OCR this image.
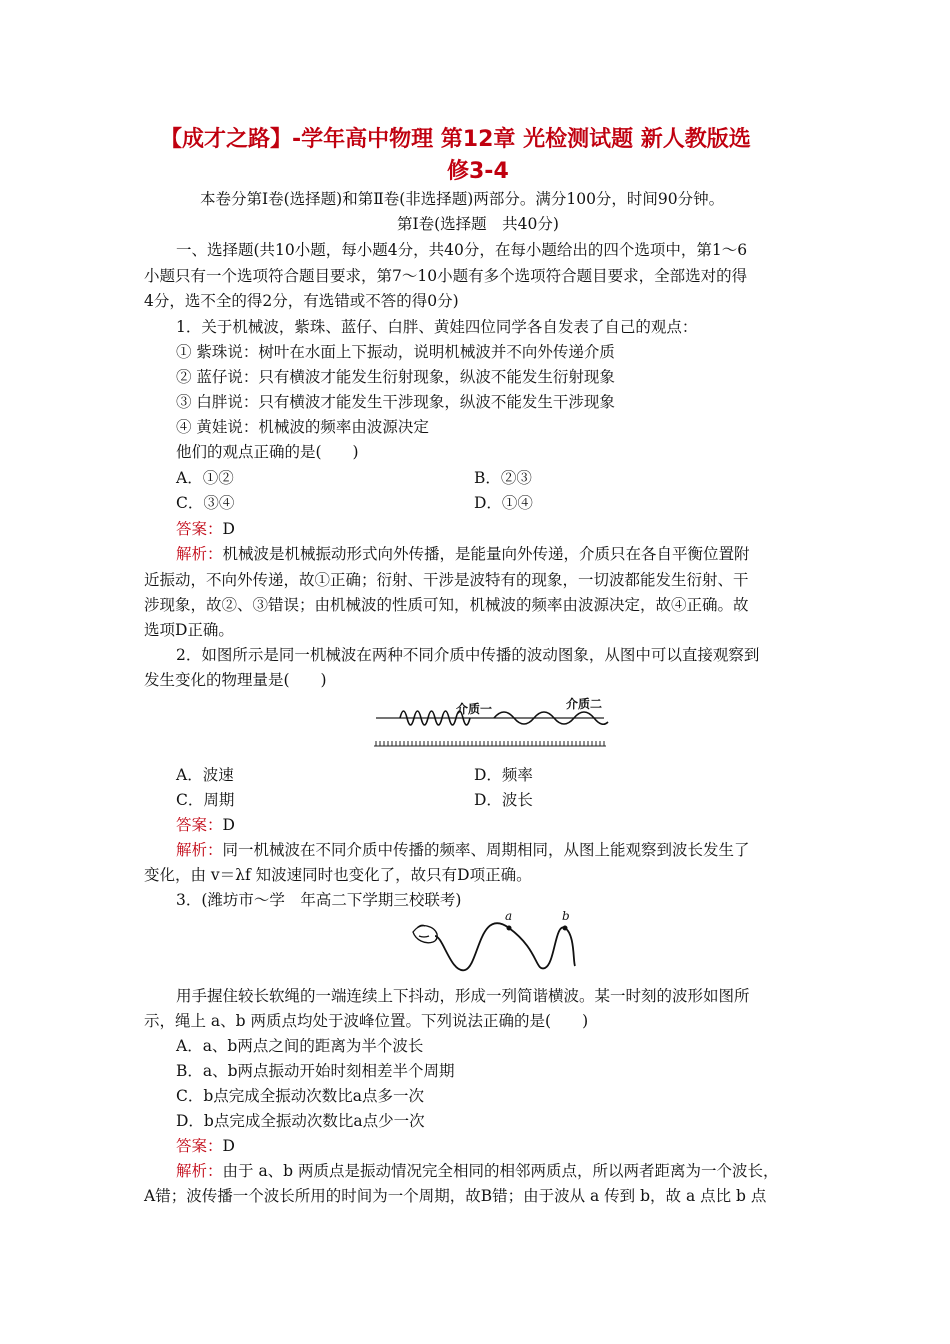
【成才之路】-学年高中物理 第12章 光检测试题 新人教版选
修3-4
本卷分第Ⅰ卷(选择题)和第Ⅱ卷(非选择题)两部分。满分100分，时间90分钟。
第Ⅰ卷(选择题　共40分)
一、选择题(共10小题，每小题4分，共40分，在每小题给出的四个选项中，第1～6
小题只有一个选项符合题目要求，第7～10小题有多个选项符合题目要求，全部选对的得
4分，选不全的得2分，有选错或不答的得0分)
1．关于机械波，紫珠、蓝仔、白胖、黄娃四位同学各自发表了自己的观点：
① 紫珠说：树叶在水面上下振动，说明机械波并不向外传递介质
② 蓝仔说：只有横波才能发生衍射现象，纵波不能发生衍射现象
③ 白胖说：只有横波才能发生干涉现象，纵波不能发生干涉现象
④ 黄娃说：机械波的频率由波源决定
他们的观点正确的是(　　)
A．①②	B．②③
C．③④	D．①④
答案：D
解析：机械波是机械振动形式向外传播，是能量向外传递，介质只在各自平衡位置附
近振动，不向外传递，故①正确；衍射、干涉是波特有的现象，一切波都能发生衍射、干
涉现象，故②、③错误；由机械波的性质可知，机械波的频率由波源决定，故④正确。故
选项D正确。
2．如图所示是同一机械波在两种不同介质中传播的波动图象，从图中可以直接观察到
发生变化的物理量是(　　)
介质一	介质二
A．波速	D．频率
C．周期	D．波长
答案：D
解析：同一机械波在不同介质中传播的频率、周期相同，从图上能观察到波长发生了
变化，由 v＝λf 知波速同时也变化了，故只有D项正确。
3．(潍坊市～学　年高二下学期三校联考)
a	b
用手握住较长软绳的一端连续上下抖动，形成一列简谐横波。某一时刻的波形如图所
示，绳上 a、b 两质点均处于波峰位置。下列说法正确的是(　　)
A．a、b两点之间的距离为半个波长
B．a、b两点振动开始时刻相差半个周期
C．b点完成全振动次数比a点多一次
D．b点完成全振动次数比a点少一次
答案：D
解析：由于 a、b 两质点是振动情况完全相同的相邻两质点，所以两者距离为一个波长，
A错；波传播一个波长所用的时间为一个周期，故B错；由于波从 a 传到 b，故 a 点比 b 点
